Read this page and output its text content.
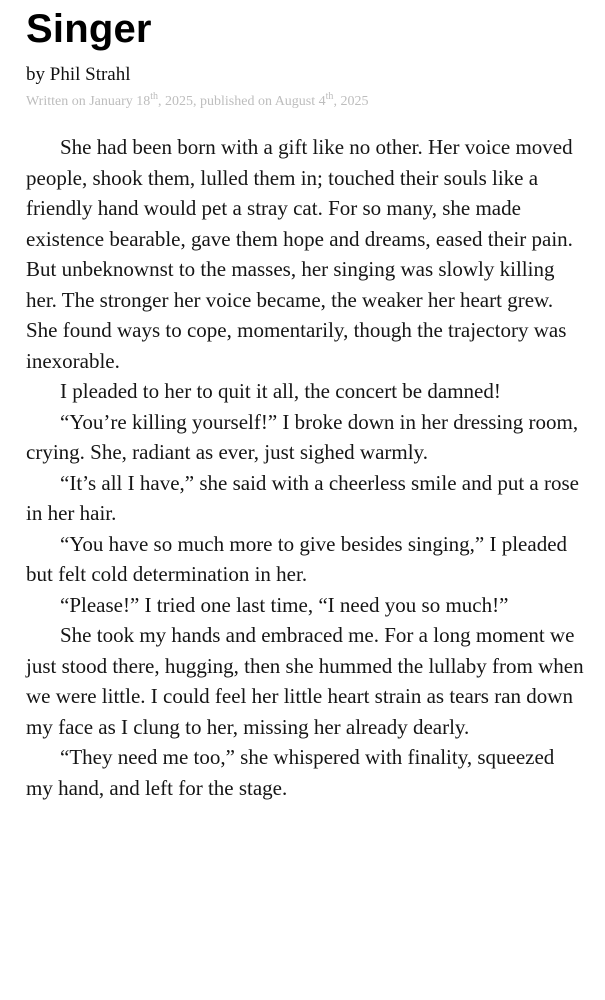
Singer
by Phil Strahl
Written on January 18th, 2025, published on August 4th, 2025

She had been born with a gift like no other. Her voice moved people, shook them, lulled them in; touched their souls like a friendly hand would pet a stray cat. For so many, she made existence bearable, gave them hope and dreams, eased their pain. But unbeknownst to the masses, her singing was slowly killing her. The stronger her voice became, the weaker her heart grew. She found ways to cope, momentarily, though the trajectory was inexorable.

I pleaded to her to quit it all, the concert be damned!

“You’re killing yourself!” I broke down in her dressing room, crying. She, radiant as ever, just sighed warmly.

“It’s all I have,” she said with a cheerless smile and put a rose in her hair.

“You have so much more to give besides singing,” I pleaded but felt cold determination in her.

“Please!” I tried one last time, “I need you so much!”

She took my hands and embraced me. For a long moment we just stood there, hugging, then she hummed the lullaby from when we were little. I could feel her little heart strain as tears ran down my face as I clung to her, missing her already dearly.

“They need me too,” she whispered with finality, squeezed my hand, and left for the stage.
